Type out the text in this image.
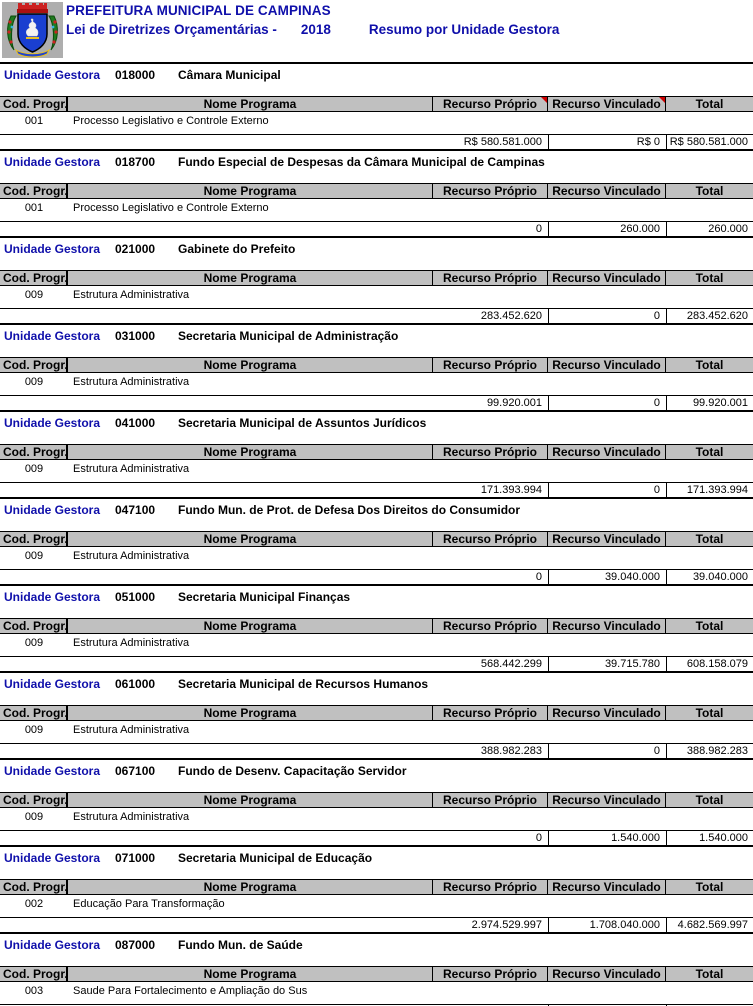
PREFEITURA MUNICIPAL DE CAMPINAS
Lei de Diretrizes Orçamentárias - 2018	Resumo por Unidade Gestora
Unidade Gestora 018000 Câmara Municipal
Cod. Progr.	Nome Programa	Recurso Próprio Recurso Vinculado	Total
001	Processo Legislativo e Controle Externo
R$ 580.581.000	R$ 0 R$ 580.581.000
Unidade Gestora 018700 Fundo Especial de Despesas da Câmara Municipal de Campinas
Cod. Progr.	Nome Programa	Recurso Próprio Recurso Vinculado	Total
001	Processo Legislativo e Controle Externo
0	260.000	260.000
Unidade Gestora 021000 Gabinete do Prefeito
Cod. Progr.	Nome Programa	Recurso Próprio Recurso Vinculado	Total
009	Estrutura Administrativa
283.452.620	0	283.452.620
Unidade Gestora 031000 Secretaria Municipal de Administração
Cod. Progr.	Nome Programa	Recurso Próprio Recurso Vinculado	Total
009	Estrutura Administrativa
99.920.001	0	99.920.001
Unidade Gestora 041000 Secretaria Municipal de Assuntos Jurídicos
Cod. Progr.	Nome Programa	Recurso Próprio Recurso Vinculado	Total
009	Estrutura Administrativa
171.393.994	0	171.393.994
Unidade Gestora 047100 Fundo Mun. de Prot. de Defesa Dos Direitos do Consumidor
Cod. Progr.	Nome Programa	Recurso Próprio Recurso Vinculado	Total
009	Estrutura Administrativa
0	39.040.000	39.040.000
Unidade Gestora 051000 Secretaria Municipal Finanças
Cod. Progr.	Nome Programa	Recurso Próprio Recurso Vinculado	Total
009	Estrutura Administrativa
568.442.299	39.715.780	608.158.079
Unidade Gestora 061000 Secretaria Municipal de Recursos Humanos
Cod. Progr.	Nome Programa	Recurso Próprio Recurso Vinculado	Total
009	Estrutura Administrativa
388.982.283	0	388.982.283
Unidade Gestora 067100 Fundo de Desenv. Capacitação Servidor
Cod. Progr.	Nome Programa	Recurso Próprio Recurso Vinculado	Total
009	Estrutura Administrativa
0	1.540.000	1.540.000
Unidade Gestora 071000 Secretaria Municipal de Educação
Cod. Progr.	Nome Programa	Recurso Próprio Recurso Vinculado	Total
002	Educação Para Transformação
2.974.529.997	1.708.040.000	4.682.569.997
Unidade Gestora 087000 Fundo Mun. de Saúde
Cod. Progr.	Nome Programa	Recurso Próprio Recurso Vinculado	Total
003	Saude Para Fortalecimento e Ampliação do Sus
